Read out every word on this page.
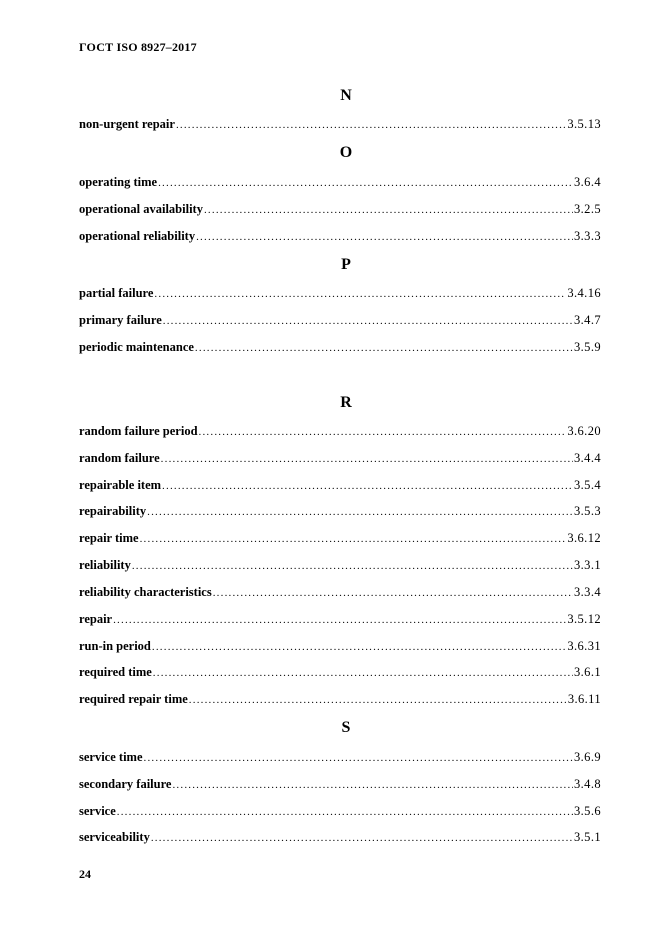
ГОСТ ISO 8927–2017
N
non-urgent repair .....	3.5.13
O
operating time .....	3.6.4
operational availability .....	3.2.5
operational reliability .....	3.3.3
P
partial failure .....	3.4.16
primary failure .....	3.4.7
periodic maintenance .....	3.5.9
R
random failure period .....	3.6.20
random failure .....	3.4.4
repairable item .....	3.5.4
repairability .....	3.5.3
repair time .....	3.6.12
reliability .....	3.3.1
reliability characteristics .....	3.3.4
repair .....	3.5.12
run-in period .....	3.6.31
required time .....	3.6.1
required repair time .....	3.6.11
S
service time .....	3.6.9
secondary failure .....	3.4.8
service .....	3.5.6
serviceability .....	3.5.1
24
